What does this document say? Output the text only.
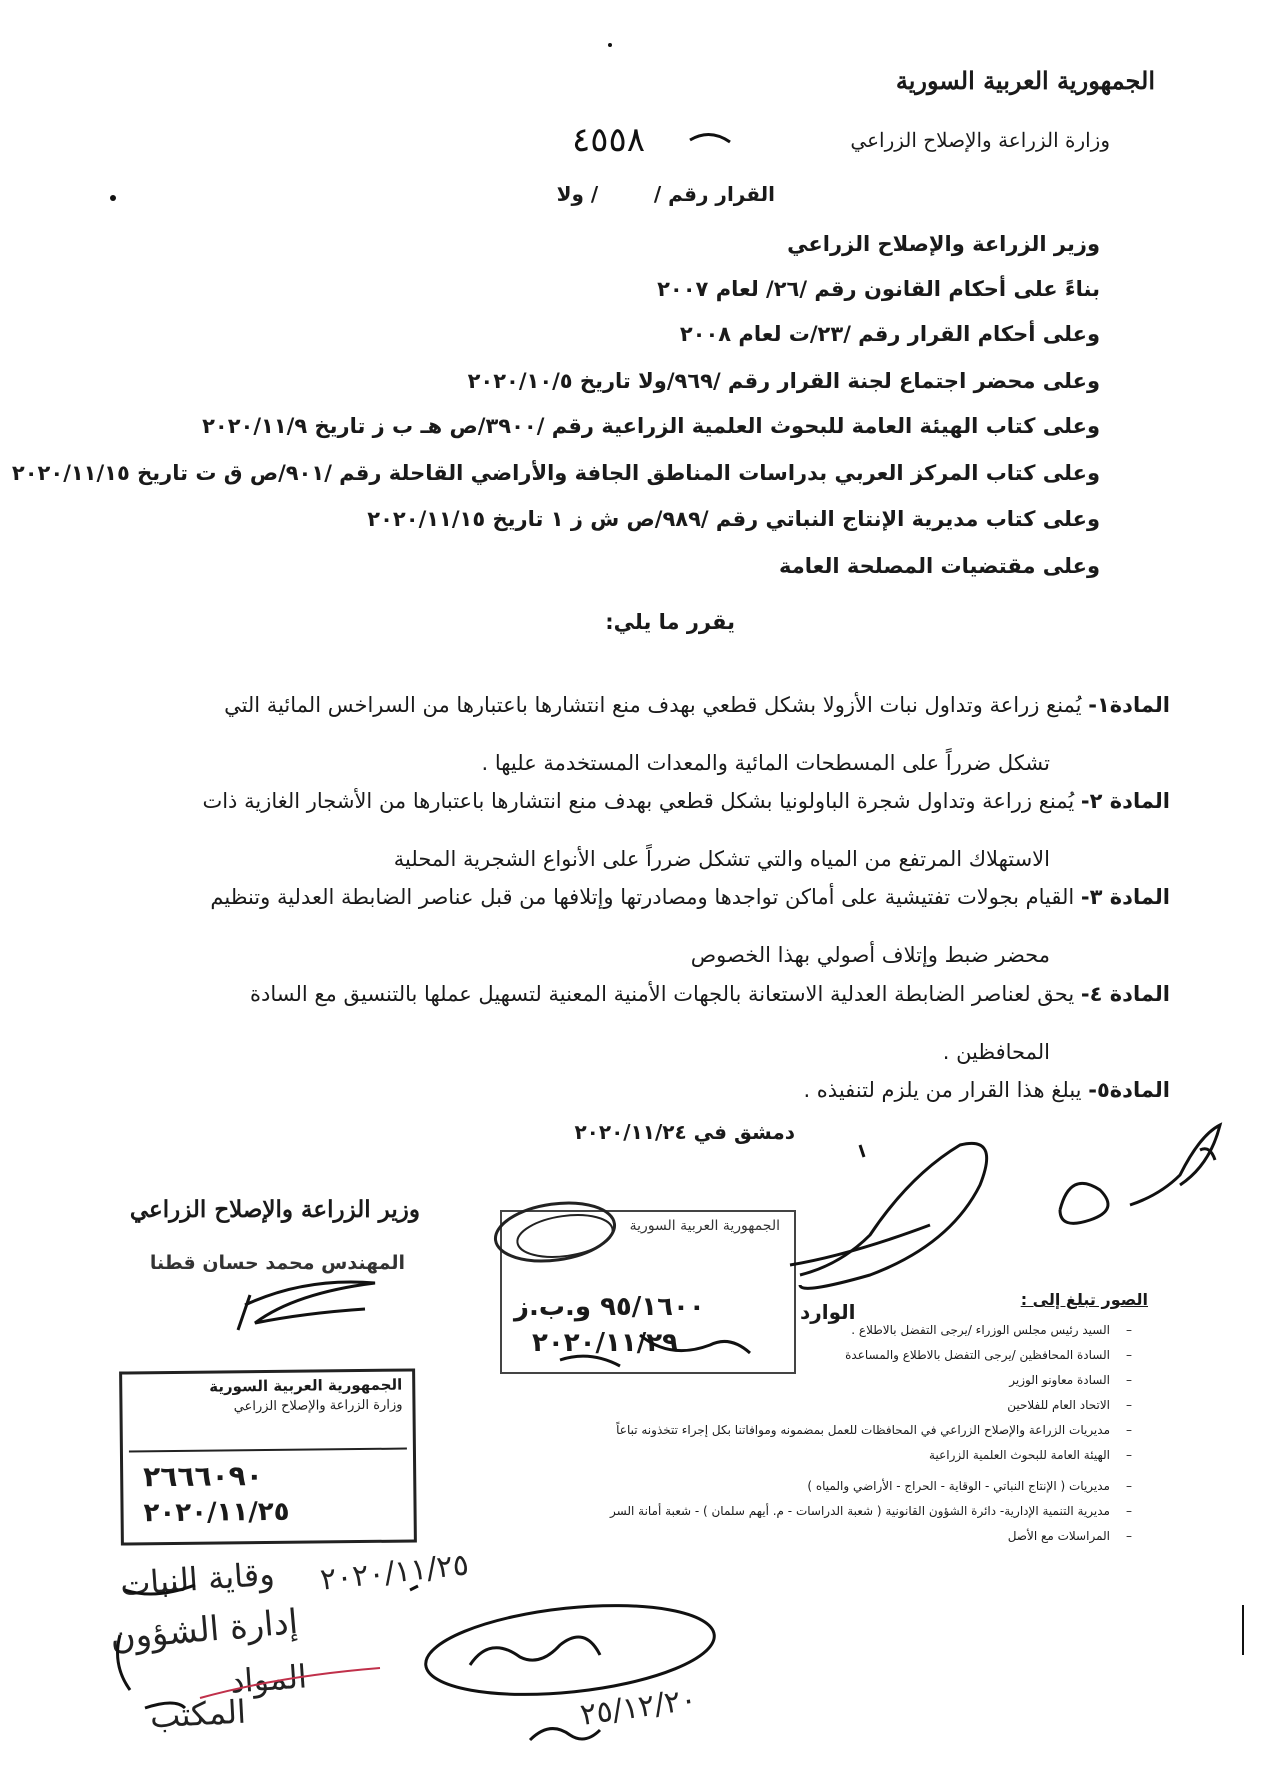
الجمهورية العربية السورية
وزارة الزراعة والإصلاح الزراعي
٤٥٥٨
القرار رقم /        / ولا
وزير الزراعة والإصلاح الزراعي
بناءً على أحكام القانون رقم /٢٦/ لعام ٢٠٠٧
وعلى أحكام القرار رقم /٢٣/ت لعام ٢٠٠٨
وعلى محضر اجتماع لجنة القرار رقم /٩٦٩/ولا تاريخ ٢٠٢٠/١٠/٥
وعلى كتاب الهيئة العامة للبحوث العلمية الزراعية رقم /٣٩٠٠/ص هـ ب ز تاريخ ٢٠٢٠/١١/٩
وعلى كتاب المركز العربي بدراسات المناطق الجافة والأراضي القاحلة رقم /٩٠١/ص ق ت تاريخ ٢٠٢٠/١١/١٥
وعلى كتاب مديرية الإنتاج النباتي رقم /٩٨٩/ص ش ز ١ تاريخ ٢٠٢٠/١١/١٥
وعلى مقتضيات المصلحة العامة
يقرر ما يلي:
المادة١- يُمنع زراعة وتداول نبات الأزولا بشكل قطعي بهدف منع انتشارها باعتبارها من السراخس المائية التي
تشكل ضرراً على المسطحات المائية والمعدات المستخدمة عليها .
المادة ٢- يُمنع زراعة وتداول شجرة الباولونيا بشكل قطعي بهدف منع انتشارها باعتبارها من الأشجار الغازية ذات
الاستهلاك المرتفع من المياه والتي تشكل ضرراً على الأنواع الشجرية المحلية
المادة ٣- القيام بجولات تفتيشية على أماكن تواجدها ومصادرتها وإتلافها من قبل عناصر الضابطة العدلية وتنظيم
محضر ضبط وإتلاف أصولي بهذا الخصوص
المادة ٤- يحق لعناصر الضابطة العدلية الاستعانة بالجهات الأمنية المعنية لتسهيل عملها بالتنسيق مع السادة
المحافظين .
المادة٥- يبلغ هذا القرار من يلزم لتنفيذه .
دمشق في ٢٠٢٠/١١/٢٤
وزير الزراعة والإصلاح الزراعي
المهندس محمد حسان قطنا
الصور تبلغ إلى :
–
السيد رئيس مجلس الوزراء /يرجى التفضل بالاطلاع .
–
السادة المحافظين /يرجى التفضل بالاطلاع والمساعدة
–
السادة معاونو الوزير
–
الاتحاد العام للفلاحين
–
مديريات الزراعة والإصلاح الزراعي في المحافظات للعمل بمضمونه وموافاتنا بكل إجراء تتخذونه تباعاً
–
الهيئة العامة للبحوث العلمية الزراعية
–
مديريات ( الإنتاج النباتي - الوقاية - الحراج - الأراضي والمياه )
–
مديرية التنمية الإدارية- دائرة الشؤون القانونية ( شعبة الدراسات - م. أيهم سلمان ) - شعبة أمانة السر
–
المراسلات مع الأصل
الجمهورية العربية السورية
وزارة الزراعة والإصلاح الزراعي
٢٦٦٦٠٩٠
٢٠٢٠/١١/٢٥
الجمهورية العربية السورية
٩٥/١٦٠٠ و.ب.ز
٢٠٢٠/١١/٢٩
الوارد
٢٠٢٠/١١/٢٥
وقاية النبات
إدارة الشؤون
المواد
المكتب	٢٥/١٢/٢٠
